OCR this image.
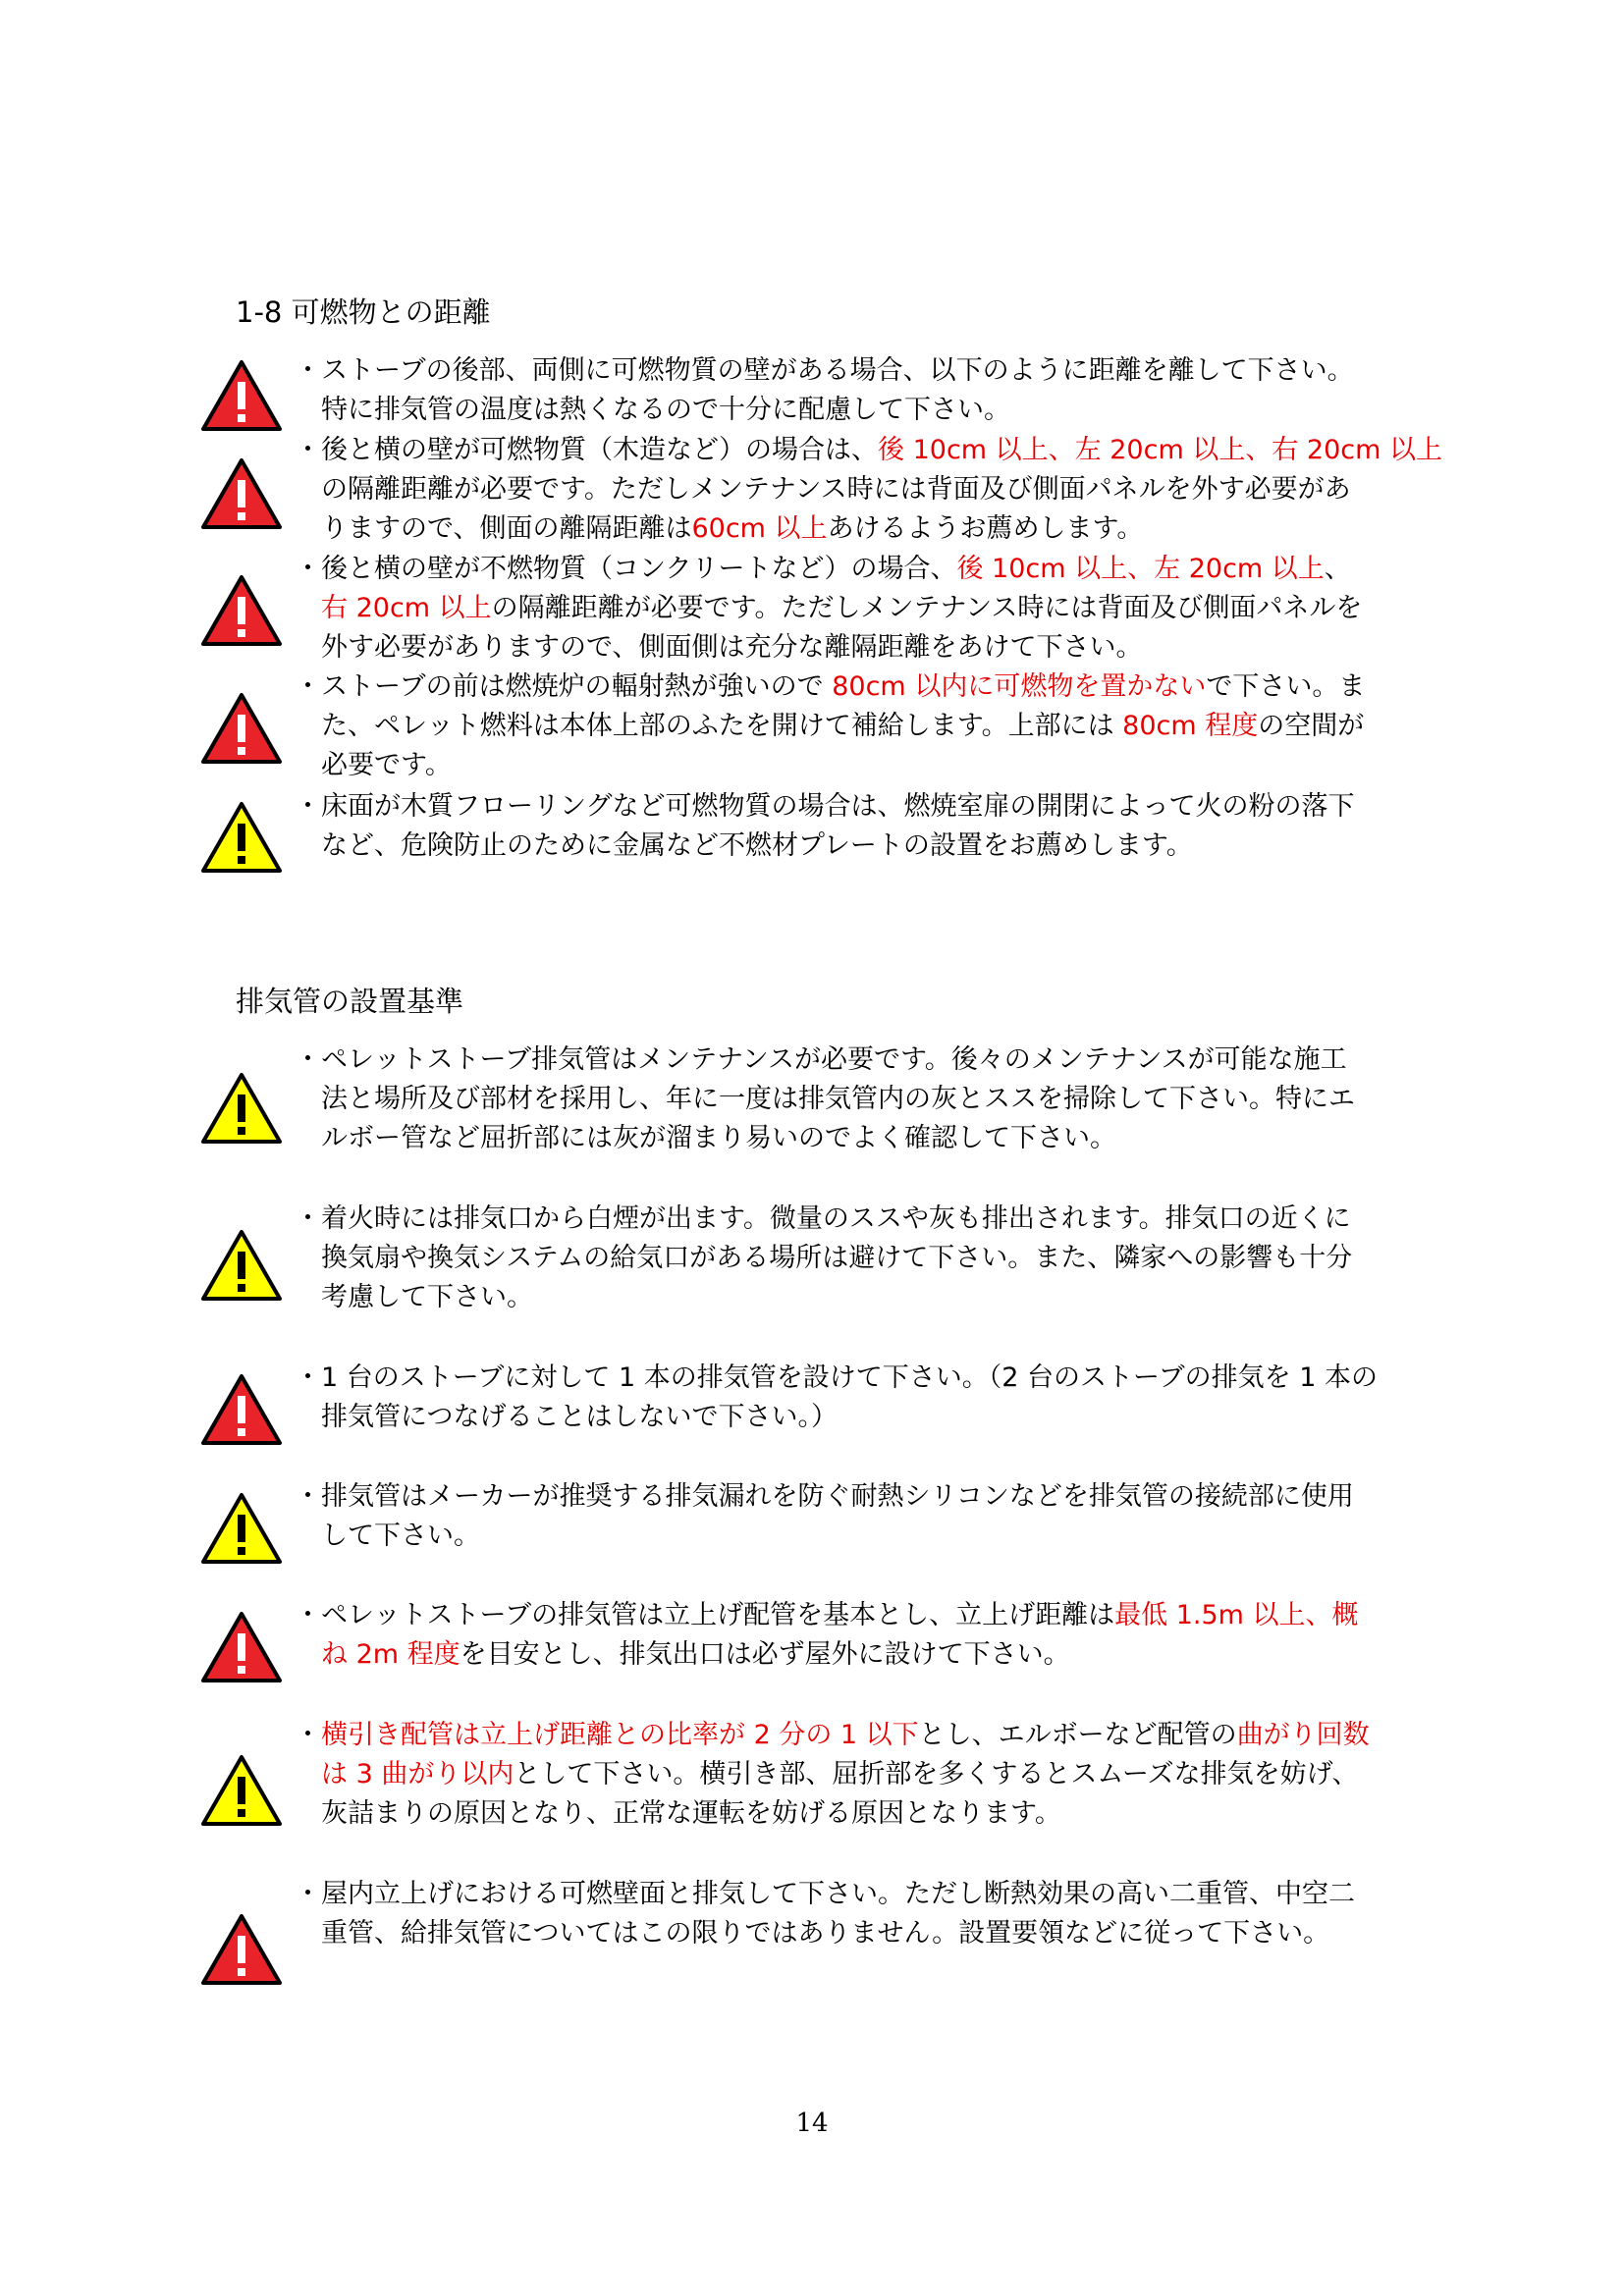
1-8 可燃物との距離
・ストーブの後部、両側に可燃物質の壁がある場合、以下のように距離を離して下さい。
　特に排気管の温度は熱くなるので十分に配慮して下さい。
・後と横の壁が可燃物質（木造など）の場合は、後 10cm 以上、左 20cm 以上、右 20cm 以上
　の隔離距離が必要です。ただしメンテナンス時には背面及び側面パネルを外す必要があ
　りますので、側面の離隔距離は60cm 以上あけるようお薦めします。
・後と横の壁が不燃物質（コンクリートなど）の場合、後 10cm 以上、左 20cm 以上、
　右 20cm 以上の隔離距離が必要です。ただしメンテナンス時には背面及び側面パネルを
　外す必要がありますので、側面側は充分な離隔距離をあけて下さい。
・ストーブの前は燃焼炉の輻射熱が強いので 80cm 以内に可燃物を置かないで下さい。ま
　た、ペレット燃料は本体上部のふたを開けて補給します。上部には 80cm 程度の空間が
　必要です。
・床面が木質フローリングなど可燃物質の場合は、燃焼室扉の開閉によって火の粉の落下
　など、危険防止のために金属など不燃材プレートの設置をお薦めします。
排気管の設置基準
・ペレットストーブ排気管はメンテナンスが必要です。後々のメンテナンスが可能な施工
　法と場所及び部材を採用し、年に一度は排気管内の灰とススを掃除して下さい。特にエ
　ルボー管など屈折部には灰が溜まり易いのでよく確認して下さい。
・着火時には排気口から白煙が出ます。微量のススや灰も排出されます。排気口の近くに
　換気扇や換気システムの給気口がある場所は避けて下さい。また、隣家への影響も十分
　考慮して下さい。
・1 台のストーブに対して 1 本の排気管を設けて下さい。（2 台のストーブの排気を 1 本の
　排気管につなげることはしないで下さい。）
・排気管はメーカーが推奨する排気漏れを防ぐ耐熱シリコンなどを排気管の接続部に使用
　して下さい。
・ペレットストーブの排気管は立上げ配管を基本とし、立上げ距離は最低 1.5m 以上、概
　ね 2m 程度を目安とし、排気出口は必ず屋外に設けて下さい。
・横引き配管は立上げ距離との比率が 2 分の 1 以下とし、エルボーなど配管の曲がり回数
　は 3 曲がり以内として下さい。横引き部、屈折部を多くするとスムーズな排気を妨げ、
　灰詰まりの原因となり、正常な運転を妨げる原因となります。
・屋内立上げにおける可燃壁面と排気して下さい。ただし断熱効果の高い二重管、中空二
　重管、給排気管についてはこの限りではありません。設置要領などに従って下さい。
14
